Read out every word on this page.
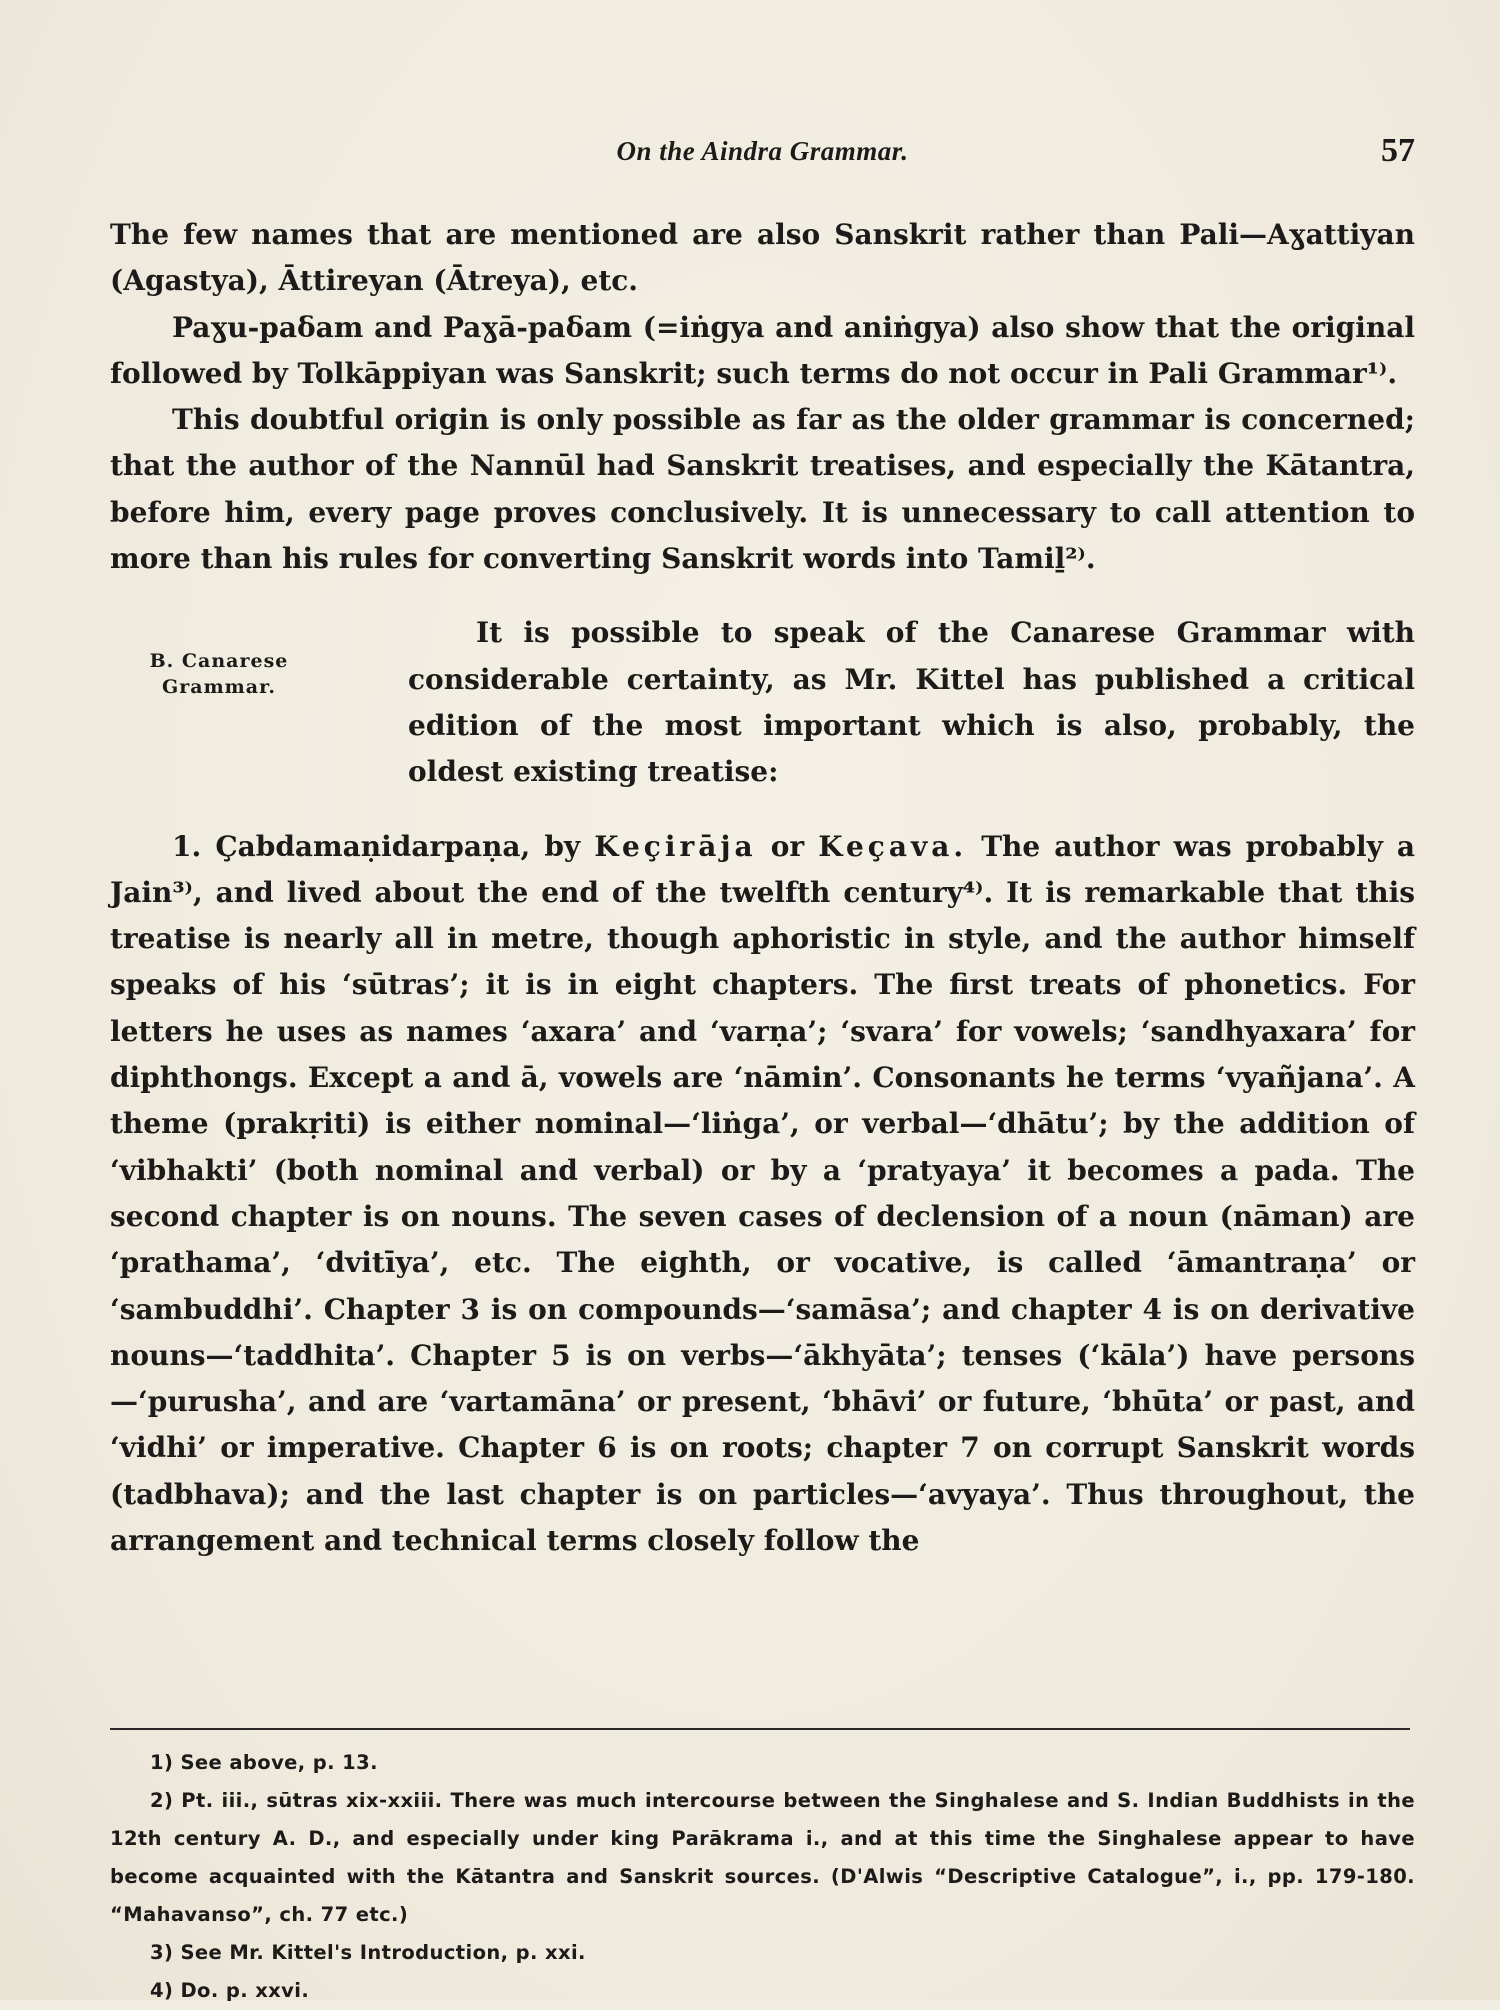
On the Aindra Grammar.	57

The few names that are mentioned are also Sanskrit rather than Pali—Aɣattiyan (Agastya), Āttireyan (Ātreya), etc.

Paɣu-paδam and Paɣā-paδam (=iṅgya and aniṅgya) also show that the original followed by Tolkāppiyan was Sanskrit; such terms do not occur in Pali Grammar¹⁾.

This doubtful origin is only possible as far as the older grammar is concerned; that the author of the Nannūl had Sanskrit treatises, and especially the Kātantra, before him, every page proves conclusively. It is unnecessary to call attention to more than his rules for converting Sanskrit words into Tamiḻ²⁾.

B. Canarese Grammar.

It is possible to speak of the Canarese Grammar with considerable certainty, as Mr. Kittel has published a critical edition of the most important which is also, probably, the oldest existing treatise:

1. Çabdamaṇidarpaṇa, by Keçirāja or Keçava. The author was probably a Jain³⁾, and lived about the end of the twelfth century⁴⁾. It is remarkable that this treatise is nearly all in metre, though aphoristic in style, and the author himself speaks of his ‘sūtras’; it is in eight chapters. The first treats of phonetics. For letters he uses as names ‘axara’ and ‘varṇa’; ‘svara’ for vowels; ‘sandhyaxara’ for diphthongs. Except a and ā, vowels are ‘nāmin’. Consonants he terms ‘vyañjana’. A theme (prakṛiti) is either nominal—‘liṅga’, or verbal—‘dhātu’; by the addition of ‘vibhakti’ (both nominal and verbal) or by a ‘pratyaya’ it becomes a pada. The second chapter is on nouns. The seven cases of declension of a noun (nāman) are ‘prathama’, ‘dvitīya’, etc. The eighth, or vocative, is called ‘āmantraṇa’ or ‘sambuddhi’. Chapter 3 is on compounds—‘samāsa’; and chapter 4 is on derivative nouns—‘taddhita’. Chapter 5 is on verbs—‘ākhyāta’; tenses (‘kāla’) have persons—‘purusha’, and are ‘vartamāna’ or present, ‘bhāvi’ or future, ‘bhūta’ or past, and ‘vidhi’ or imperative. Chapter 6 is on roots; chapter 7 on corrupt Sanskrit words (tadbhava); and the last chapter is on particles—‘avyaya’. Thus throughout, the arrangement and technical terms closely follow the

1) See above, p. 13.

2) Pt. iii., sūtras xix-xxiii. There was much intercourse between the Singhalese and S. Indian Buddhists in the 12th century A. D., and especially under king Parākrama i., and at this time the Singhalese appear to have become acquainted with the Kātantra and Sanskrit sources. (D'Alwis “Descriptive Catalogue”, i., pp. 179-180. “Mahavanso”, ch. 77 etc.)

3) See Mr. Kittel's Introduction, p. xxi.

4) Do. p. xxvi.
